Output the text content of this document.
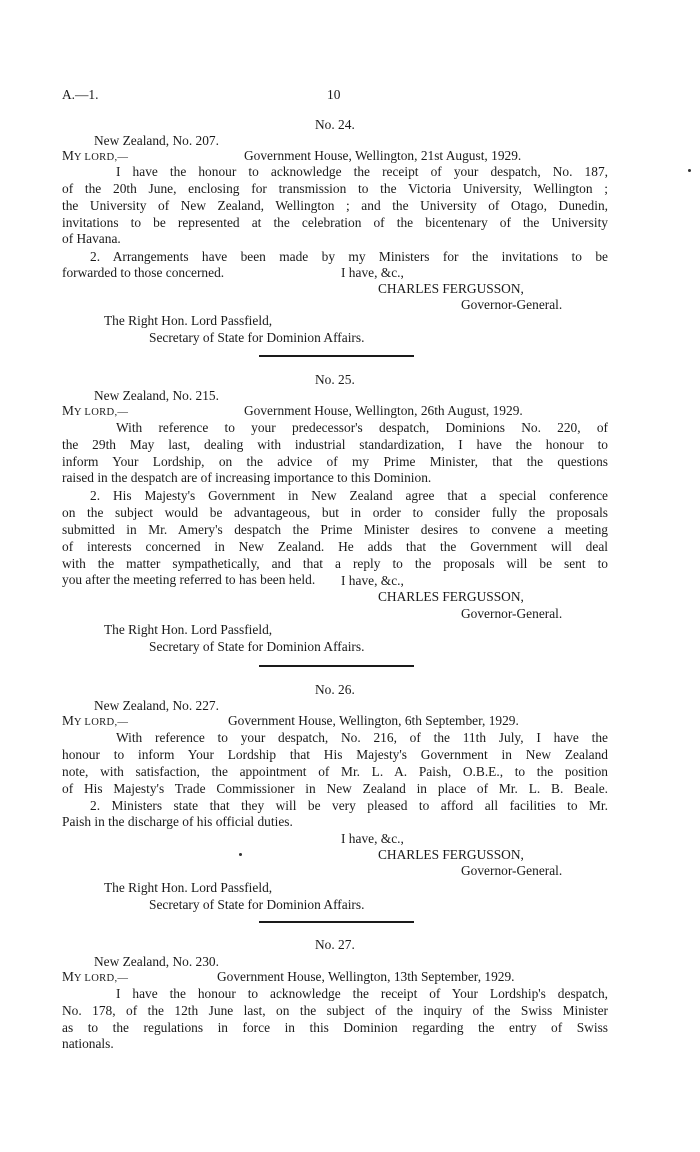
A.—1.	10
No. 24.
New Zealand, No. 207.
MY LORD,—	Government House, Wellington, 21st August, 1929.
I have the honour to acknowledge the receipt of your despatch, No. 187,
of the 20th June, enclosing for transmission to the Victoria University, Wellington ;
the University of New Zealand, Wellington ; and the University of Otago, Dunedin,
invitations to be represented at the celebration of the bicentenary of the University
of Havana.
2. Arrangements have been made by my Ministers for the invitations to be
forwarded to those concerned.	I have, &c.,
CHARLES FERGUSSON,
Governor-General.
The Right Hon. Lord Passfield,
Secretary of State for Dominion Affairs.
No. 25.
New Zealand, No. 215.
MY LORD,—	Government House, Wellington, 26th August, 1929.
With reference to your predecessor's despatch, Dominions No. 220, of
the 29th May last, dealing with industrial standardization, I have the honour to
inform Your Lordship, on the advice of my Prime Minister, that the questions
raised in the despatch are of increasing importance to this Dominion.
2. His Majesty's Government in New Zealand agree that a special conference
on the subject would be advantageous, but in order to consider fully the proposals
submitted in Mr. Amery's despatch the Prime Minister desires to convene a meeting
of interests concerned in New Zealand. He adds that the Government will deal
with the matter sympathetically, and that a reply to the proposals will be sent to
you after the meeting referred to has been held. I have, &c.,
CHARLES FERGUSSON,
Governor-General.
The Right Hon. Lord Passfield,
Secretary of State for Dominion Affairs.
No. 26.
New Zealand, No. 227.
MY LORD,—	Government House, Wellington, 6th September, 1929.
With reference to your despatch, No. 216, of the 11th July, I have the
honour to inform Your Lordship that His Majesty's Government in New Zealand
note, with satisfaction, the appointment of Mr. L. A. Paish, O.B.E., to the position
of His Majesty's Trade Commissioner in New Zealand in place of Mr. L. B. Beale.
2. Ministers state that they will be very pleased to afford all facilities to Mr.
Paish in the discharge of his official duties.
I have, &c.,
CHARLES FERGUSSON,
Governor-General.
The Right Hon. Lord Passfield,
Secretary of State for Dominion Affairs.
No. 27.
New Zealand, No. 230.
MY LORD,—	Government House, Wellington, 13th September, 1929.
I have the honour to acknowledge the receipt of Your Lordship's despatch,
No. 178, of the 12th June last, on the subject of the inquiry of the Swiss Minister
as to the regulations in force in this Dominion regarding the entry of Swiss
nationals.
